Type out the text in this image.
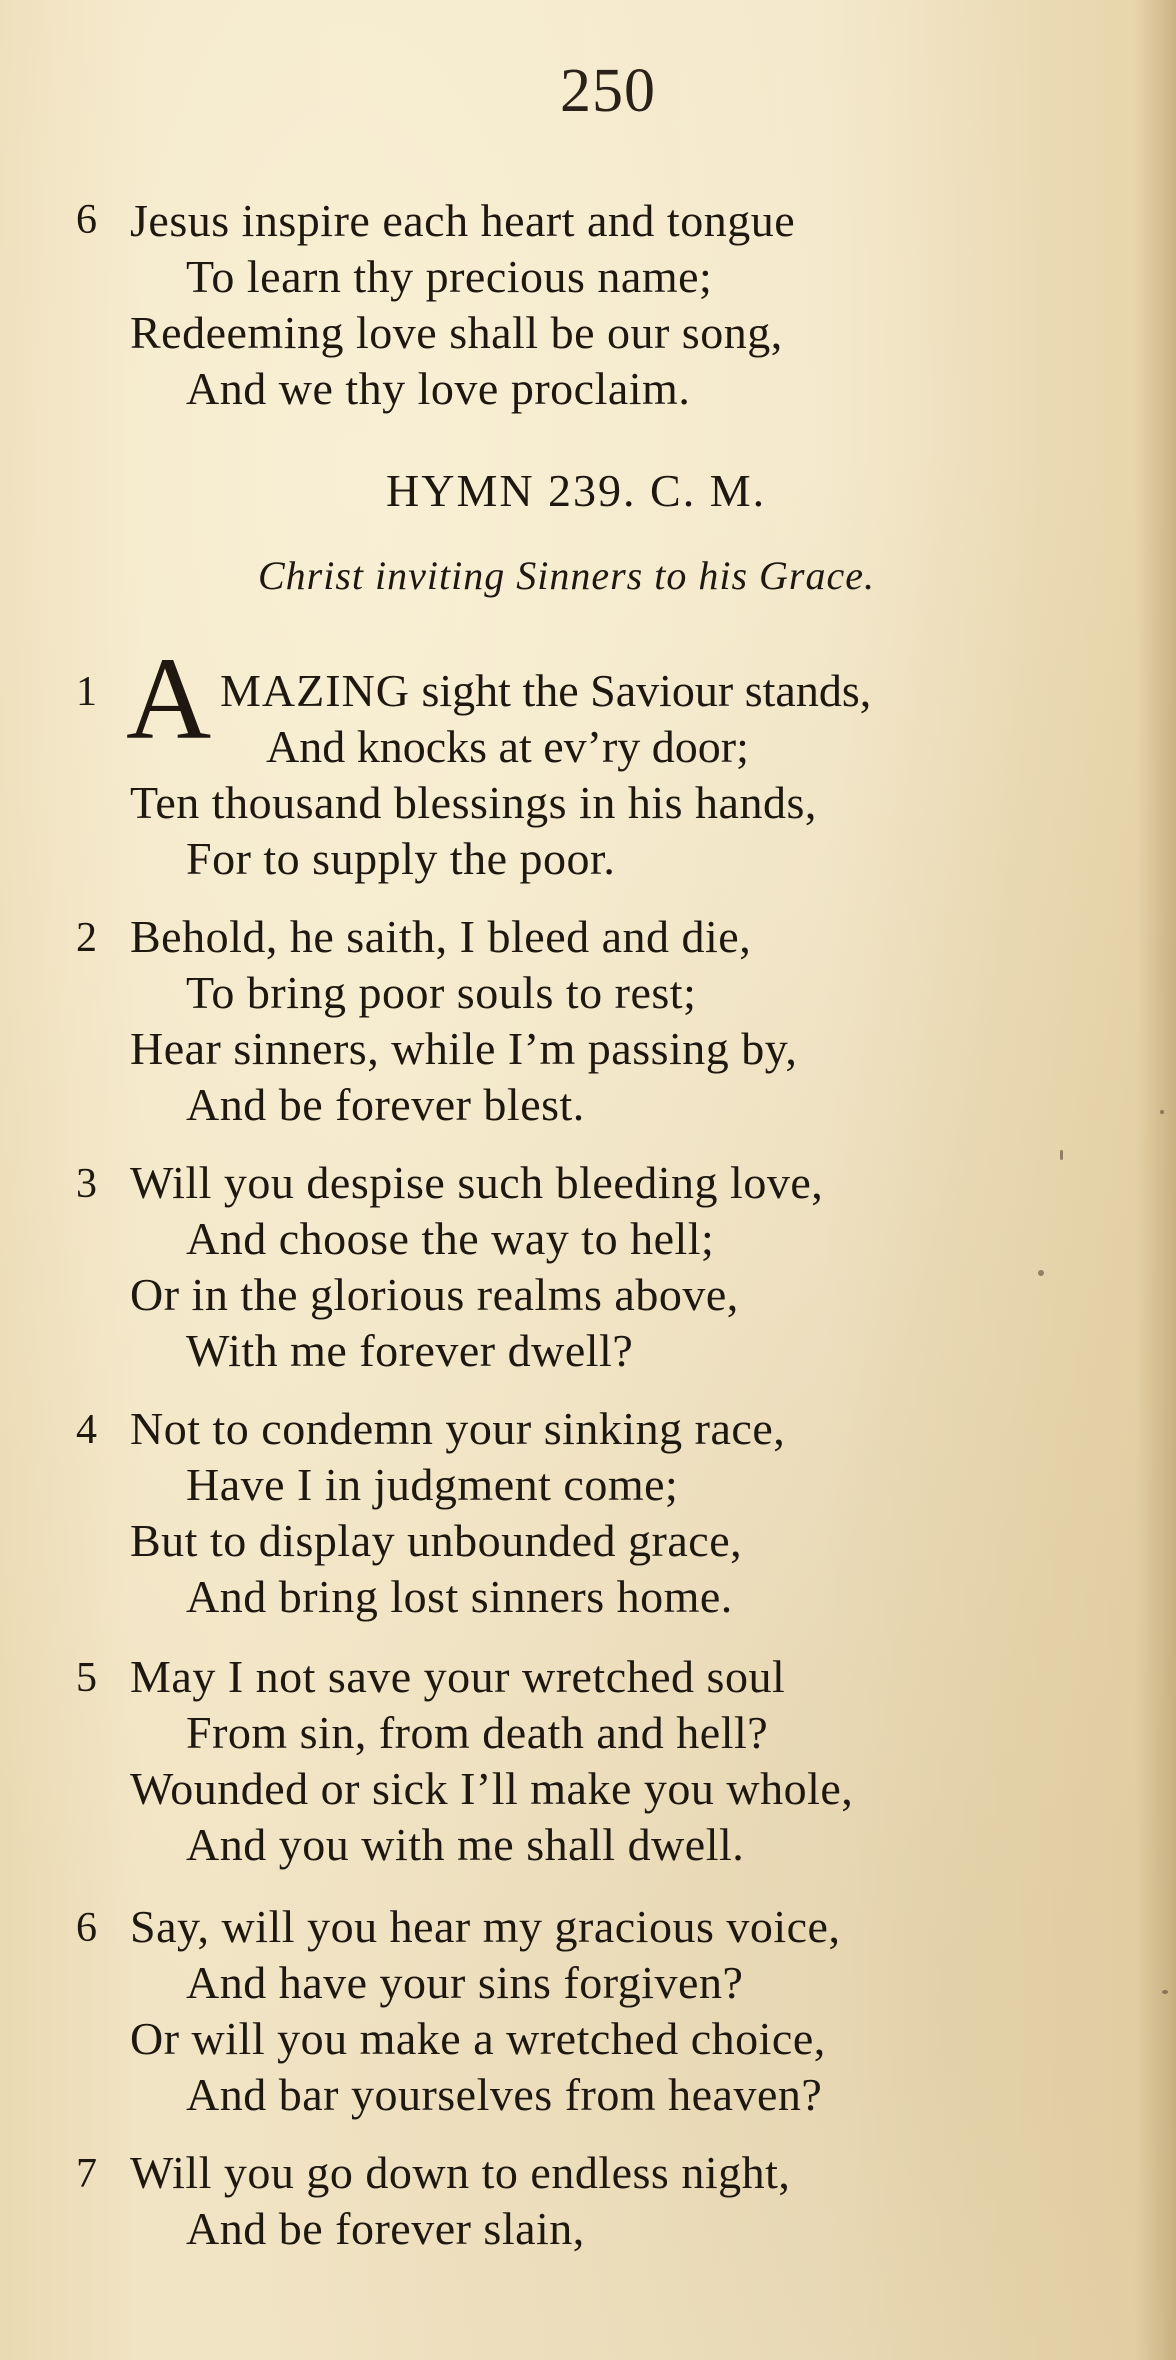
250
6 Jesus inspire each heart and tongue
To learn thy precious name;
Redeeming love shall be our song,
And we thy love proclaim.
HYMN 239. C. M.
Christ inviting Sinners to his Grace.
1 A MAZING sight the Saviour stands,
And knocks at ev’ry door;
Ten thousand blessings in his hands,
For to supply the poor.
2 Behold, he saith, I bleed and die,
To bring poor souls to rest;
Hear sinners, while I’m passing by,
And be forever blest.
3 Will you despise such bleeding love,
And choose the way to hell;
Or in the glorious realms above,
With me forever dwell?
4 Not to condemn your sinking race,
Have I in judgment come;
But to display unbounded grace,
And bring lost sinners home.
5 May I not save your wretched soul
From sin, from death and hell?
Wounded or sick I’ll make you whole,
And you with me shall dwell.
6 Say, will you hear my gracious voice,
And have your sins forgiven?
Or will you make a wretched choice,
And bar yourselves from heaven?
7 Will you go down to endless night,
And be forever slain,
